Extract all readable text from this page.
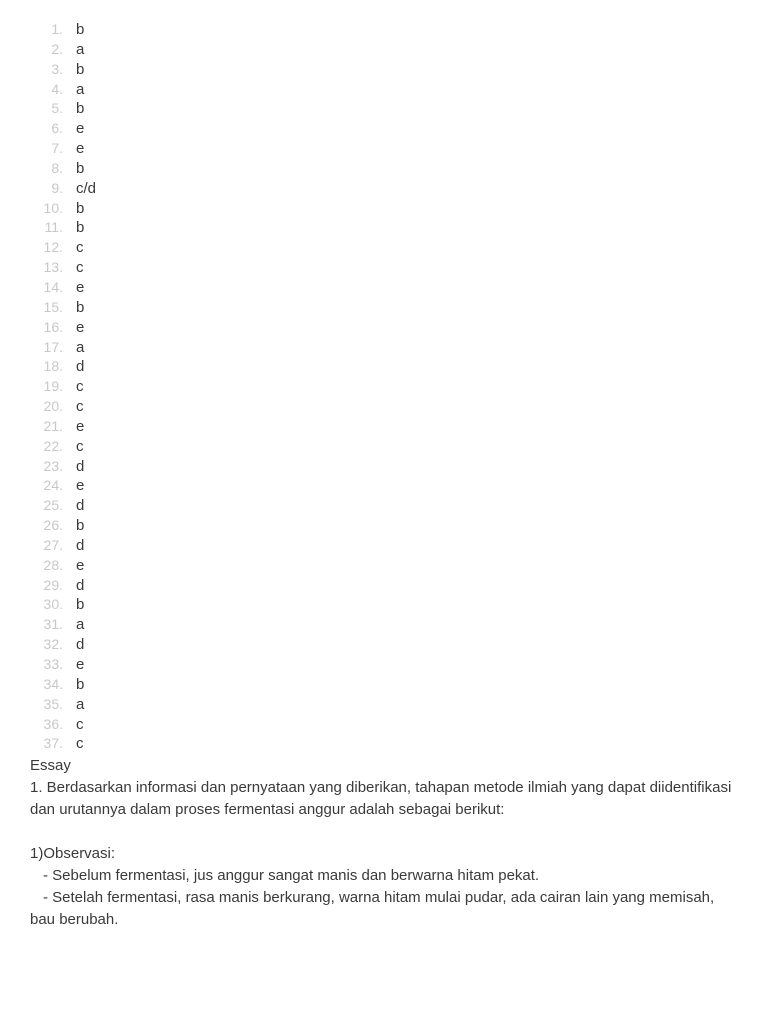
1. b
2. a
3. b
4. a
5. b
6. e
7. e
8. b
9. c/d
10. b
11. b
12. c
13. c
14. e
15. b
16. e
17. a
18. d
19. c
20. c
21. e
22. c
23. d
24. e
25. d
26. b
27. d
28. e
29. d
30. b
31. a
32. d
33. e
34. b
35. a
36. c
37. c

Essay

1. Berdasarkan informasi dan pernyataan yang diberikan, tahapan metode ilmiah yang dapat diidentifikasi dan urutannya dalam proses fermentasi anggur adalah sebagai berikut:

1)Observasi:

- Sebelum fermentasi, jus anggur sangat manis dan berwarna hitam pekat.

- Setelah fermentasi, rasa manis berkurang, warna hitam mulai pudar, ada cairan lain yang memisah, bau berubah.
